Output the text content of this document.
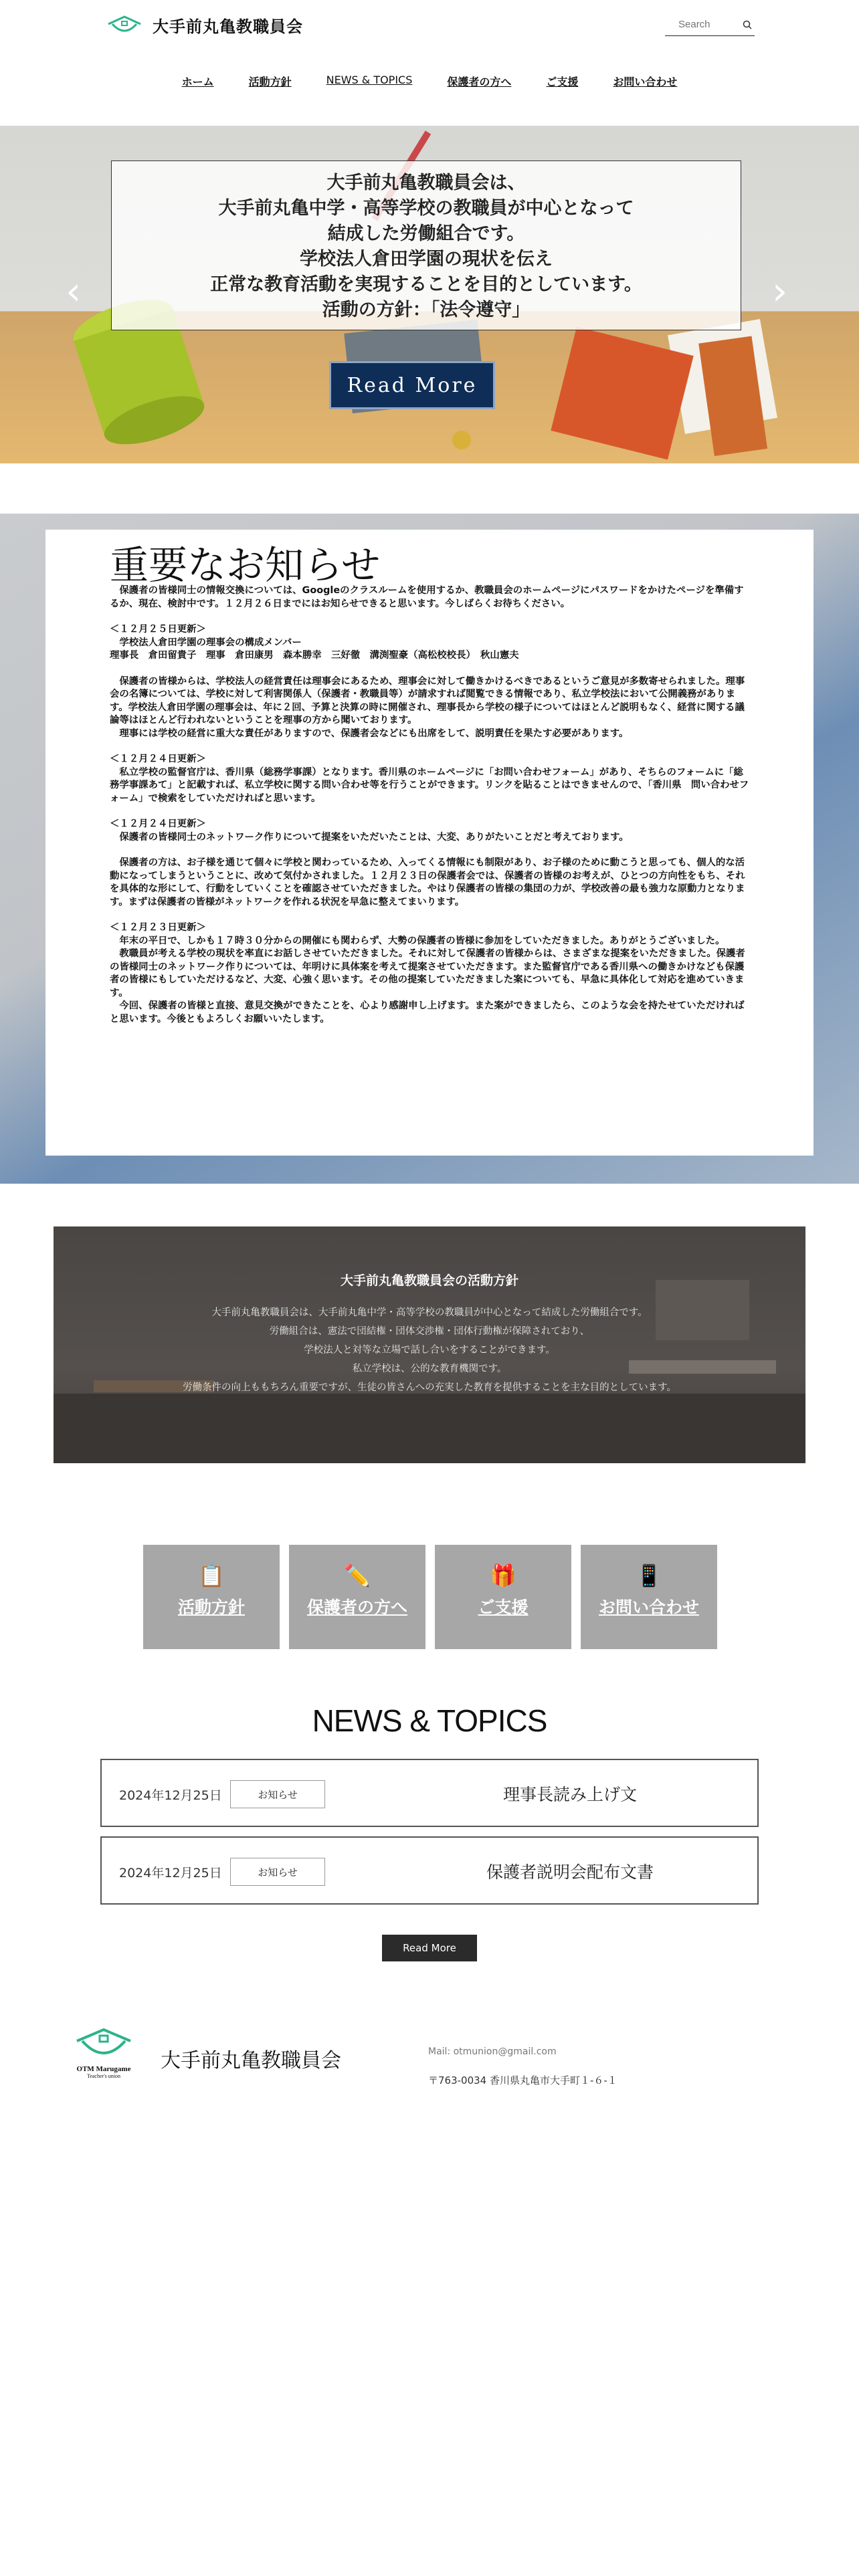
大手前丸亀教職員会
Search
ホーム	活動方針	NEWS & TOPICS	保護者の方へ	ご支援	お問い合わせ
‹	›

大手前丸亀教職員会は、

大手前丸亀中学・高等学校の教職員が中心となって

結成した労働組合です。

学校法人倉田学園の現状を伝え

正常な教育活動を実現することを目的としています。

活動の方針：「法令遵守」

Read More
重要なお知らせ
　保護者の皆様同士の情報交換については、Googleのクラスルームを使用するか、教職員会のホームページにパスワードをかけたページを準備するか、現在、検討中です。１２月２６日までにはお知らせできると思います。今しばらくお待ちください。
＜１２月２５日更新＞
　学校法人倉田学園の理事会の構成メンバー
理事長　倉田留貴子　理事　倉田康男　森本勝幸　三好徹　溝渕聖豪（高松校校長）　秋山憲夫
　保護者の皆様からは、学校法人の経営責任は理事会にあるため、理事会に対して働きかけるべきであるというご意見が多数寄せられました。理事会の名簿については、学校に対して利害関係人（保護者・教職員等）が請求すれば閲覧できる情報であり、私立学校法において公開義務があります。学校法人倉田学園の理事会は、年に２回、予算と決算の時に開催され、理事長から学校の様子についてはほとんど説明もなく、経営に関する議論等はほとんど行われないということを理事の方から聞いております。
　理事には学校の経営に重大な責任がありますので、保護者会などにも出席をして、説明責任を果たす必要があります。
＜１２月２４日更新＞
　私立学校の監督官庁は、香川県（総務学事課）となります。香川県のホームページに「お問い合わせフォーム」があり、そちらのフォームに「総務学事課あて」と記載すれば、私立学校に関する問い合わせ等を行うことができます。リンクを貼ることはできませんので、「香川県　問い合わせフォーム」で検索をしていただければと思います。
＜１２月２４日更新＞
　保護者の皆様同士のネットワーク作りについて提案をいただいたことは、大変、ありがたいことだと考えております。
　保護者の方は、お子様を通じて個々に学校と関わっているため、入ってくる情報にも制限があり、お子様のために動こうと思っても、個人的な活動になってしまうということに、改めて気付かされました。１２月２３日の保護者会では、保護者の皆様のお考えが、ひとつの方向性をもち、それを具体的な形にして、行動をしていくことを確認させていただきました。やはり保護者の皆様の集団の力が、学校改善の最も強力な原動力となります。まずは保護者の皆様がネットワークを作れる状況を早急に整えてまいります。
＜１２月２３日更新＞
　年末の平日で、しかも１７時３０分からの開催にも関わらず、大勢の保護者の皆様に参加をしていただきました。ありがとうございました。
　教職員が考える学校の現状を率直にお話しさせていただきました。それに対して保護者の皆様からは、さまざまな提案をいただきました。保護者の皆様同士のネットワーク作りについては、年明けに具体案を考えて提案させていただきます。また監督官庁である香川県への働きかけなども保護者の皆様にもしていただけるなど、大変、心強く思います。その他の提案していただきました案についても、早急に具体化して対応を進めていきます。
　今回、保護者の皆様と直接、意見交換ができたことを、心より感謝申し上げます。また案ができましたら、このような会を持たせていただければと思います。今後ともよろしくお願いいたします。
大手前丸亀教職員会の活動方針

大手前丸亀教職員会は、大手前丸亀中学・高等学校の教職員が中心となって結成した労働組合です。

労働組合は、憲法で団結権・団体交渉権・団体行動権が保障されており、

学校法人と対等な立場で話し合いをすることができます。

私立学校は、公的な教育機関です。

労働条件の向上ももちろん重要ですが、生徒の皆さんへの充実した教育を提供することを主な目的としています。

📋
活動方針
✏️
保護者の方へ
🎁
ご支援
📱
お問い合わせ
NEWS & TOPICS
2024年12月25日	お知らせ	理事長読み上げ文
2024年12月25日	お知らせ	保護者説明会配布文書
Read More
OTM Marugame
Teacher's union
大手前丸亀教職員会	Mail: otmunion@gmail.com
〒763-0034 香川県丸亀市大手町１-６-１
